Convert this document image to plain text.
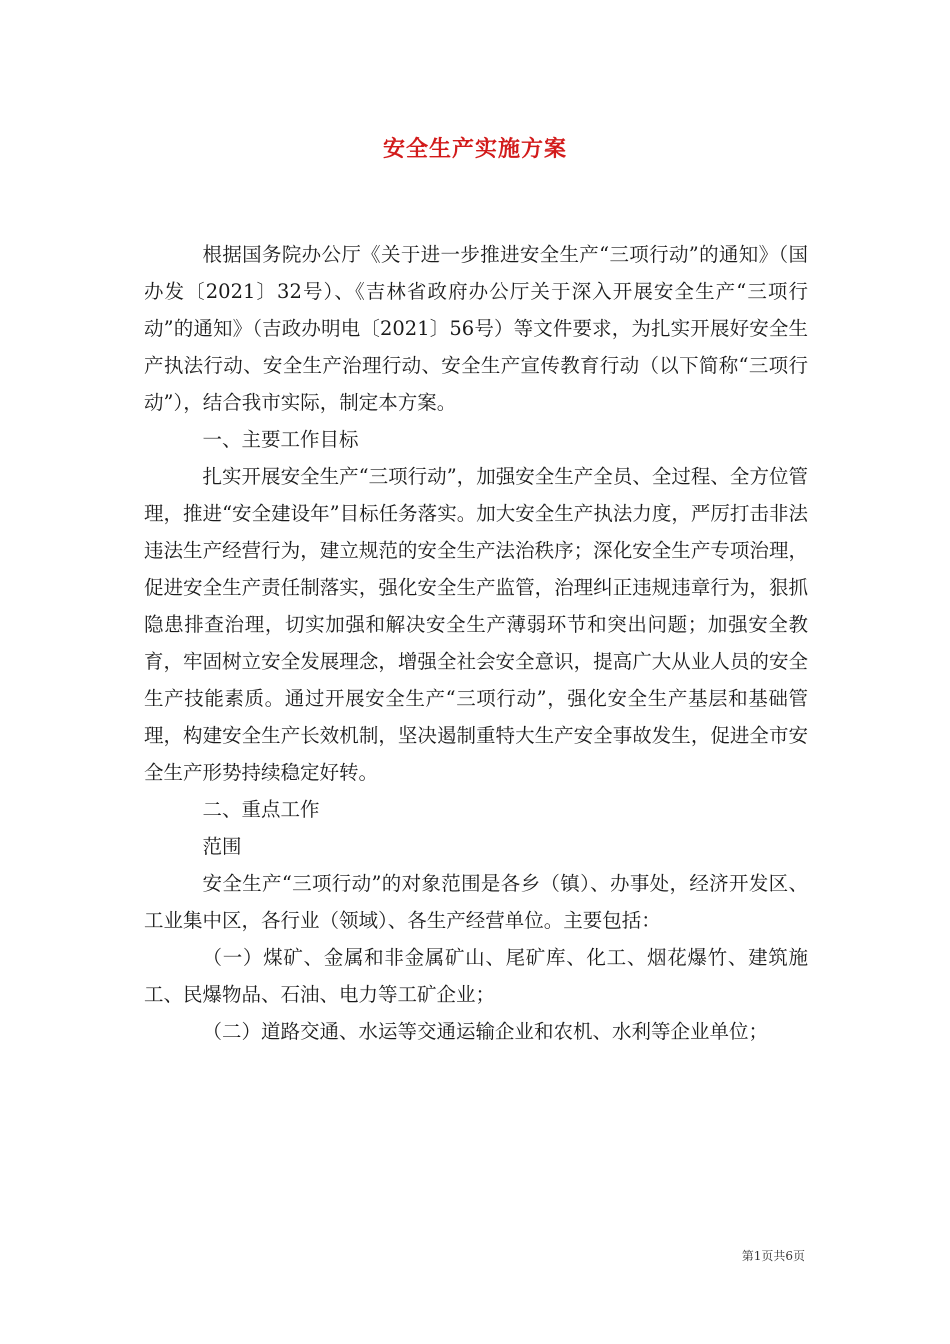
安全生产实施方案

根据国务院办公厅《关于进一步推进安全生产“三项行动”的通知》（国办发〔2021〕32号）、《吉林省政府办公厅关于深入开展安全生产“三项行动”的通知》（吉政办明电〔2021〕56号）等文件要求，为扎实开展好安全生产执法行动、安全生产治理行动、安全生产宣传教育行动（以下简称“三项行动”），结合我市实际，制定本方案。

一、主要工作目标

扎实开展安全生产“三项行动”，加强安全生产全员、全过程、全方位管理，推进“安全建设年”目标任务落实。加大安全生产执法力度，严厉打击非法违法生产经营行为，建立规范的安全生产法治秩序；深化安全生产专项治理，促进安全生产责任制落实，强化安全生产监管，治理纠正违规违章行为，狠抓隐患排查治理，切实加强和解决安全生产薄弱环节和突出问题；加强安全教育，牢固树立安全发展理念，增强全社会安全意识，提高广大从业人员的安全生产技能素质。通过开展安全生产“三项行动”，强化安全生产基层和基础管理，构建安全生产长效机制，坚决遏制重特大生产安全事故发生，促进全市安全生产形势持续稳定好转。

二、重点工作

范围

安全生产“三项行动”的对象范围是各乡（镇）、办事处，经济开发区、工业集中区，各行业（领域）、各生产经营单位。主要包括：

（一）煤矿、金属和非金属矿山、尾矿库、化工、烟花爆竹、建筑施工、民爆物品、石油、电力等工矿企业；

（二）道路交通、水运等交通运输企业和农机、水利等企业单位；

第1页共6页
